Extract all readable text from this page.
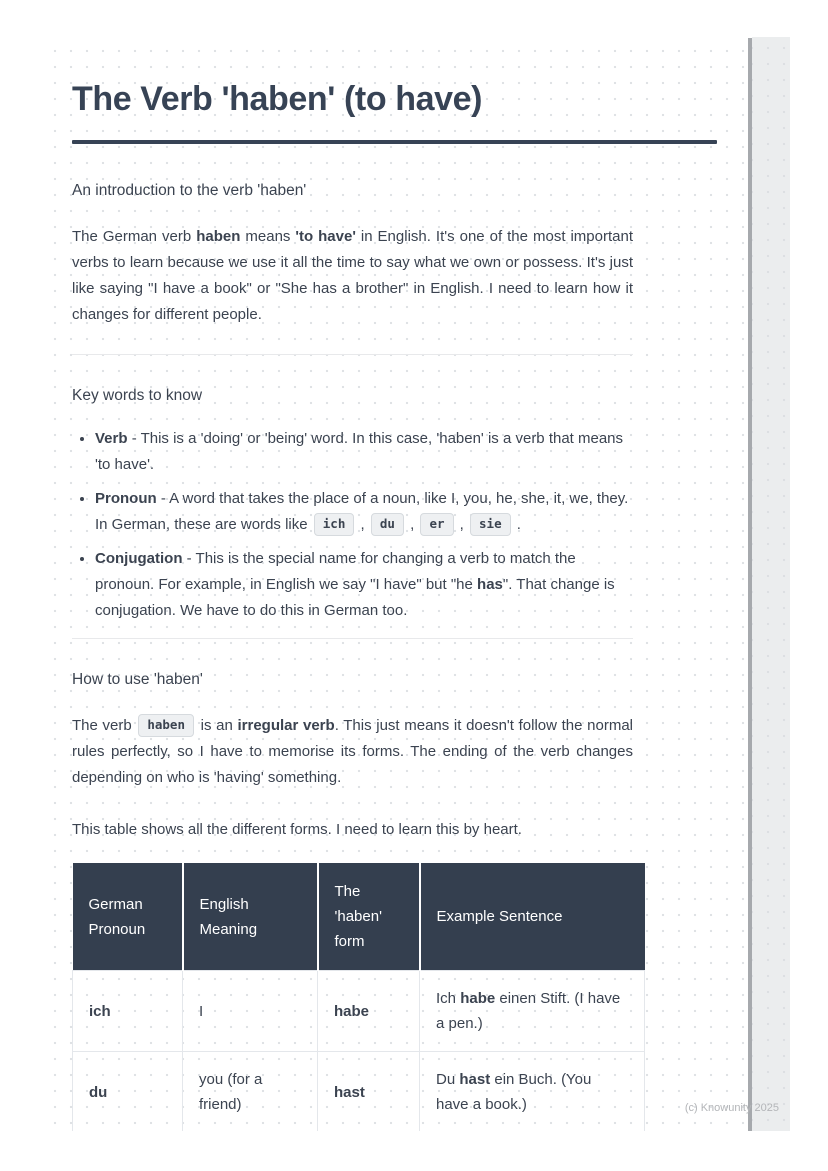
The Verb 'haben' (to have)

An introduction to the verb 'haben'

The German verb haben means 'to have' in English. It's one of the most important verbs to learn because we use it all the time to say what we own or possess. It's just like saying "I have a book" or "She has a brother" in English. I need to learn how it changes for different people.

Key words to know

• Verb - This is a 'doing' or 'being' word. In this case, 'haben' is a verb that means 'to have'.
• Pronoun - A word that takes the place of a noun, like I, you, he, she, it, we, they. In German, these are words like ich , du , er , sie .
• Conjugation - This is the special name for changing a verb to match the pronoun. For example, in English we say "I have" but "he has". That change is conjugation. We have to do this in German too.

How to use 'haben'

The verb haben is an irregular verb. This just means it doesn't follow the normal rules perfectly, so I have to memorise its forms. The ending of the verb changes depending on who is 'having' something.

This table shows all the different forms. I need to learn this by heart.

German Pronoun	English Meaning	The 'haben' form	Example Sentence
ich	I	habe	Ich habe einen Stift. (I have a pen.)
du	you (for a friend)	hast	Du hast ein Buch. (You have a book.)	(c) Knowunity 2025
